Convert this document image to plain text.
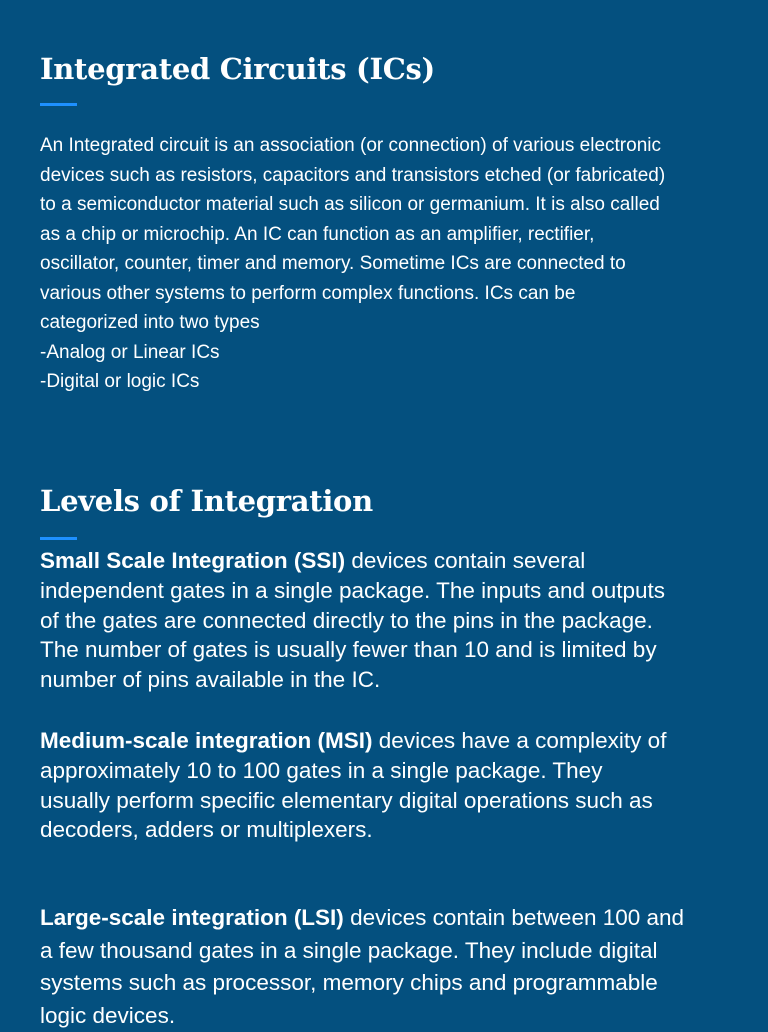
Integrated Circuits (ICs)

An Integrated circuit is an association (or connection) of various electronic
devices such as resistors, capacitors and transistors etched (or fabricated)
to a semiconductor material such as silicon or germanium. It is also called
as a chip or microchip. An IC can function as an amplifier, rectifier,
oscillator, counter, timer and memory. Sometime ICs are connected to
various other systems to perform complex functions. ICs can be
categorized into two types
-Analog or Linear ICs
-Digital or logic ICs

Levels of Integration

Small Scale Integration (SSI) devices contain several
independent gates in a single package. The inputs and outputs
of the gates are connected directly to the pins in the package.
The number of gates is usually fewer than 10 and is limited by
number of pins available in the IC.

Medium-scale integration (MSI) devices have a complexity of
approximately 10 to 100 gates in a single package. They
usually perform specific elementary digital operations such as
decoders, adders or multiplexers.

Large-scale integration (LSI) devices contain between 100 and
a few thousand gates in a single package. They include digital
systems such as processor, memory chips and programmable
logic devices.
